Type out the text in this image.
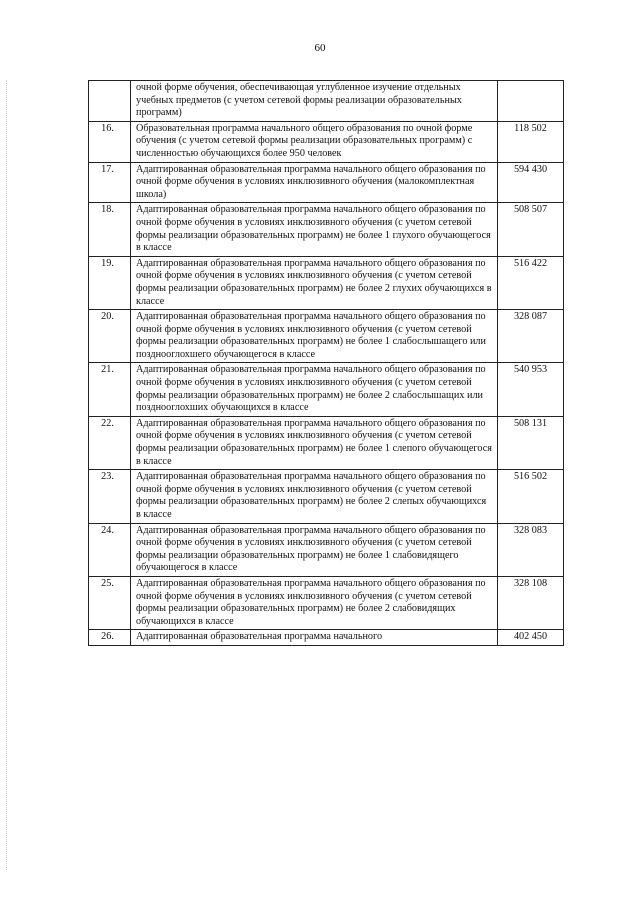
60
	очной форме обучения, обеспечивающая углубленное изучение отдельных учебных предметов (с учетом сетевой формы реализации образовательных программ)	
16.	Образовательная программа начального общего образования по очной форме обучения (с учетом сетевой формы реализации образовательных программ) с численностью обучающихся более 950 человек	118 502
17.	Адаптированная образовательная программа начального общего образования по очной форме обучения в условиях инклюзивного обучения (малокомплектная школа)	594 430
18.	Адаптированная образовательная программа начального общего образования по очной форме обучения в условиях инклюзивного обучения (с учетом сетевой формы реализации образовательных программ) не более 1 глухого обучающегося в классе	508 507
19.	Адаптированная образовательная программа начального общего образования по очной форме обучения в условиях инклюзивного обучения (с учетом сетевой формы реализации образовательных программ) не более 2 глухих обучающихся в классе	516 422
20.	Адаптированная образовательная программа начального общего образования по очной форме обучения в условиях инклюзивного обучения (с учетом сетевой формы реализации образовательных программ) не более 1 слабослышащего или позднооглохшего обучающегося в классе	328 087
21.	Адаптированная образовательная программа начального общего образования по очной форме обучения в условиях инклюзивного обучения (с учетом сетевой формы реализации образовательных программ) не более 2 слабослышащих или позднооглохших обучающихся в классе	540 953
22.	Адаптированная образовательная программа начального общего образования по очной форме обучения в условиях инклюзивного обучения (с учетом сетевой формы реализации образовательных программ) не более 1 слепого обучающегося в классе	508 131
23.	Адаптированная образовательная программа начального общего образования по очной форме обучения в условиях инклюзивного обучения (с учетом сетевой формы реализации образовательных программ) не более 2 слепых обучающихся в классе	516 502
24.	Адаптированная образовательная программа начального общего образования по очной форме обучения в условиях инклюзивного обучения (с учетом сетевой формы реализации образовательных программ) не более 1 слабовидящего обучающегося в классе	328 083
25.	Адаптированная образовательная программа начального общего образования по очной форме обучения в условиях инклюзивного обучения (с учетом сетевой формы реализации образовательных программ) не более 2 слабовидящих обучающихся в классе	328 108
26.	Адаптированная образовательная программа начального	402 450
